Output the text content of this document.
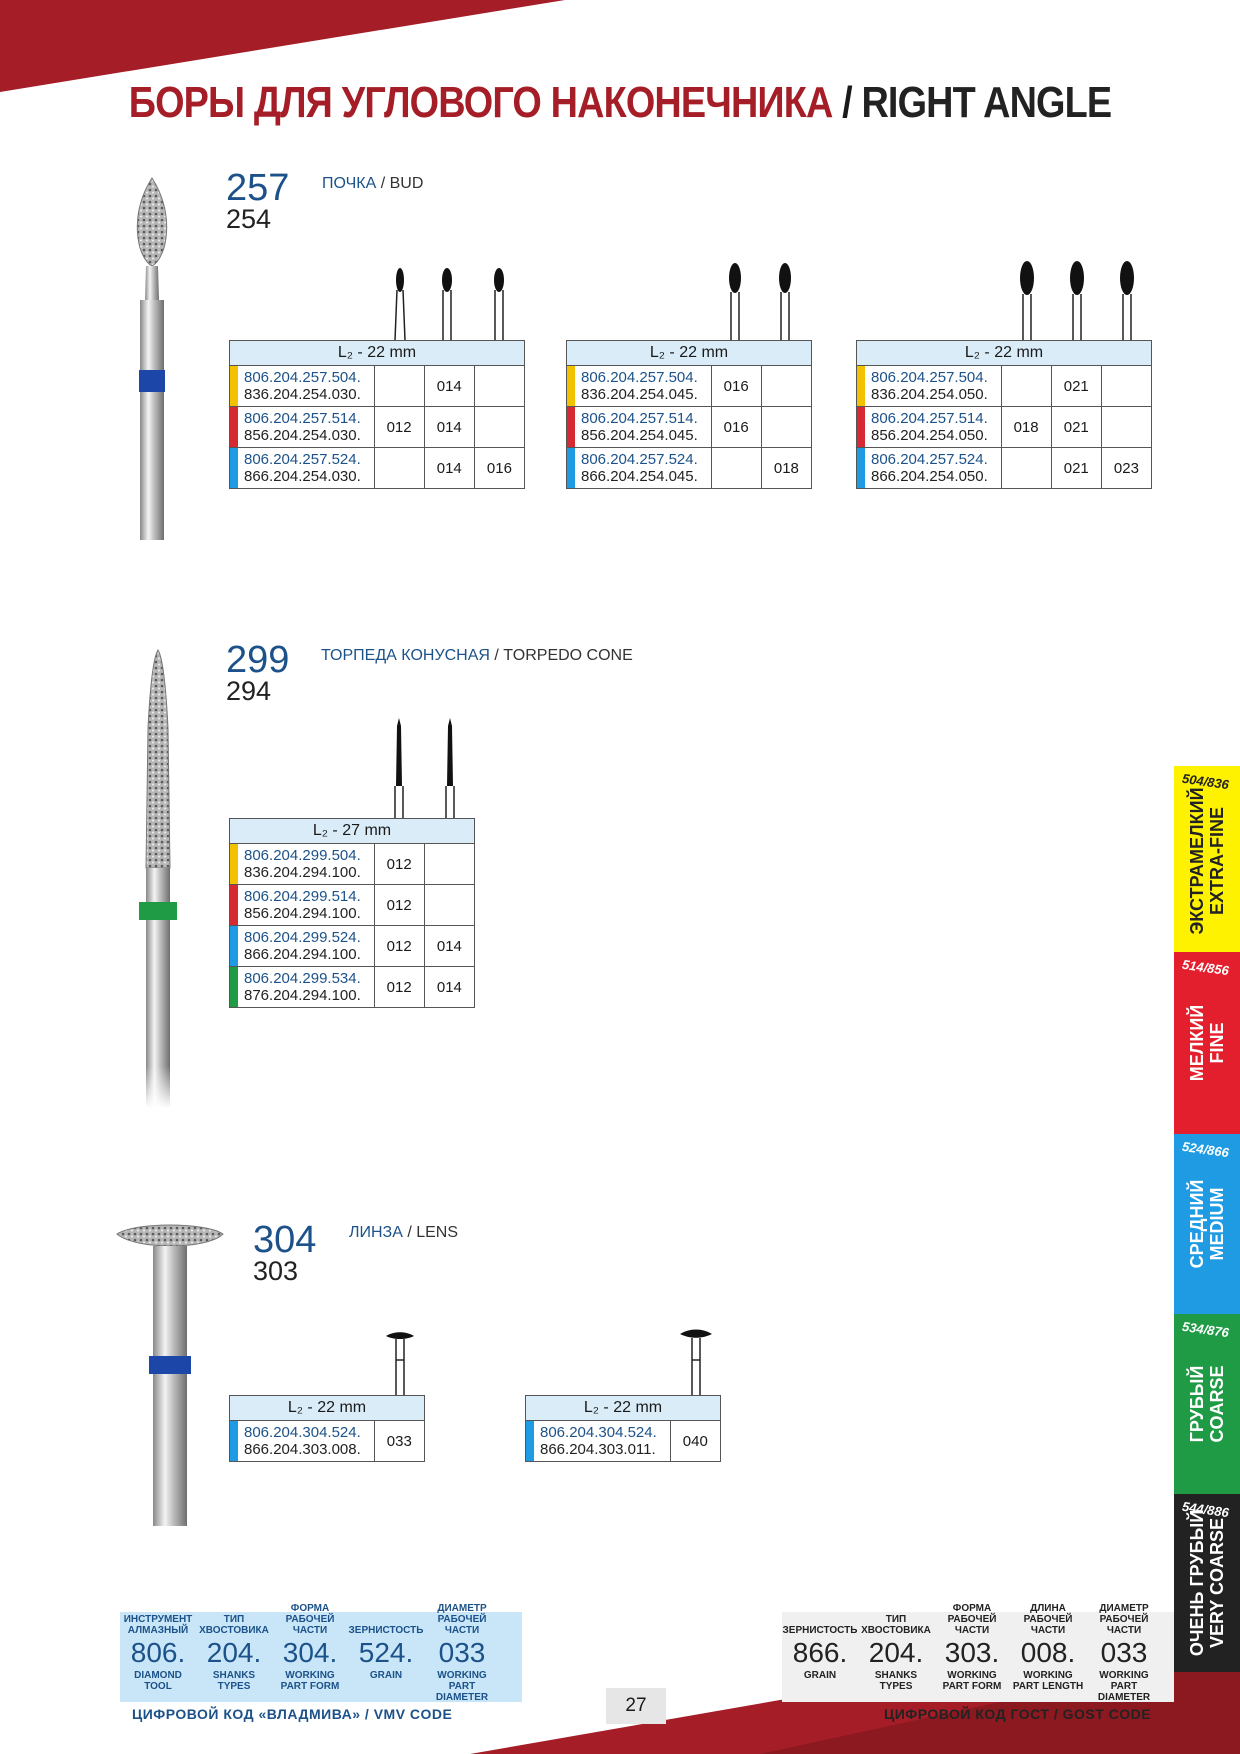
БОРЫ ДЛЯ УГЛОВОГО НАКОНЕЧНИКА / RIGHT ANGLE
257
254
ПОЧКА / BUD
L₂ - 22 mm			

806.204.257.504.
836.204.254.030.		014	

806.204.257.514.
856.204.254.030.	012	014	

806.204.257.524.
866.204.254.030.		014	016
L₂ - 22 mm		

806.204.257.504.
836.204.254.045.	016	

806.204.257.514.
856.204.254.045.	016	

806.204.257.524.
866.204.254.045.		018
L₂ - 22 mm			

806.204.257.504.
836.204.254.050.		021	

806.204.257.514.
856.204.254.050.	018	021	

806.204.257.524.
866.204.254.050.		021	023
299
294
ТОРПЕДА КОНУСНАЯ / TORPEDO CONE
L₂ - 27 mm		

806.204.299.504.
836.204.294.100.	012	

806.204.299.514.
856.204.294.100.	012	

806.204.299.524.
866.204.294.100.	012	014

806.204.299.534.
876.204.294.100.	012	014
304
303
ЛИНЗА / LENS
L₂ - 22 mm

806.204.304.524.
866.204.303.008.	033
L₂ - 22 mm

806.204.304.524.
866.204.303.011.	040
504/836
ЭКСТРАМЕЛКИЙ
EXTRA-FINE
514/856
МЕЛКИЙ
FINE
524/866
СРЕДНИЙ
MEDIUM
534/876
ГРУБЫЙ
COARSE
544/886
ОЧЕНЬ ГРУБЫЙ
VERY COARSE
ИНСТРУМЕНТ АЛМАЗНЫЙ
806.
DIAMOND TOOL
ТИП ХВОСТОВИКА
204.
SHANKS TYPES
ФОРМА РАБОЧЕЙ ЧАСТИ
304.
WORKING PART FORM
ЗЕРНИСТОСТЬ
524.
GRAIN
ДИАМЕТР РАБОЧЕЙ ЧАСТИ
033
WORKING PART DIAMETER
ЦИФРОВОЙ КОД «ВЛАДМИВА» / VMV CODE	27
ЗЕРНИСТОСТЬ
866.
GRAIN
ТИП ХВОСТОВИКА
204.
SHANKS TYPES
ФОРМА РАБОЧЕЙ ЧАСТИ
303.
WORKING PART FORM
ДЛИНА РАБОЧЕЙ ЧАСТИ
008.
WORKING PART LENGTH
ДИАМЕТР РАБОЧЕЙ ЧАСТИ
033
WORKING PART DIAMETER
ЦИФРОВОЙ КОД ГОСТ / GOST CODE
